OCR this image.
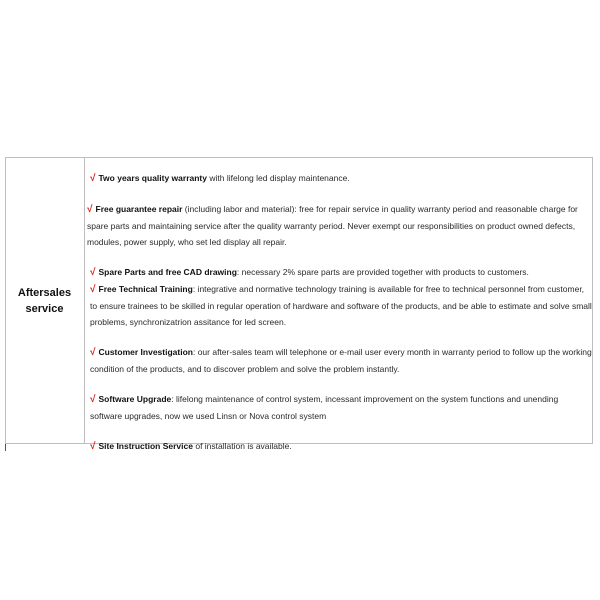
Aftersales
service

√ Two years quality warranty with lifelong led display maintenance.

√ Free guarantee repair (including labor and material): free for repair service in quality warranty period and reasonable charge for spare parts and maintaining service after the quality warranty period. Never exempt our responsibilities on product owned defects, modules, power supply, who set led display all repair.

√ Spare Parts and free CAD drawing: necessary 2% spare parts are provided together with products to customers.

√ Free Technical Training: integrative and normative technology training is available for free to technical personnel from customer, to ensure trainees to be skilled in regular operation of hardware and software of the products, and be able to estimate and solve small problems, synchronizatrion assitance for led screen.

√ Customer Investigation: our after-sales team will telephone or e-mail user every month in warranty period to follow up the working condition of the products, and to discover problem and solve the problem instantly.

√ Software Upgrade: lifelong maintenance of control system, incessant improvement on the system functions and unending software upgrades, now we used Linsn or Nova control system

√ Site Instruction Service of installation is available.
